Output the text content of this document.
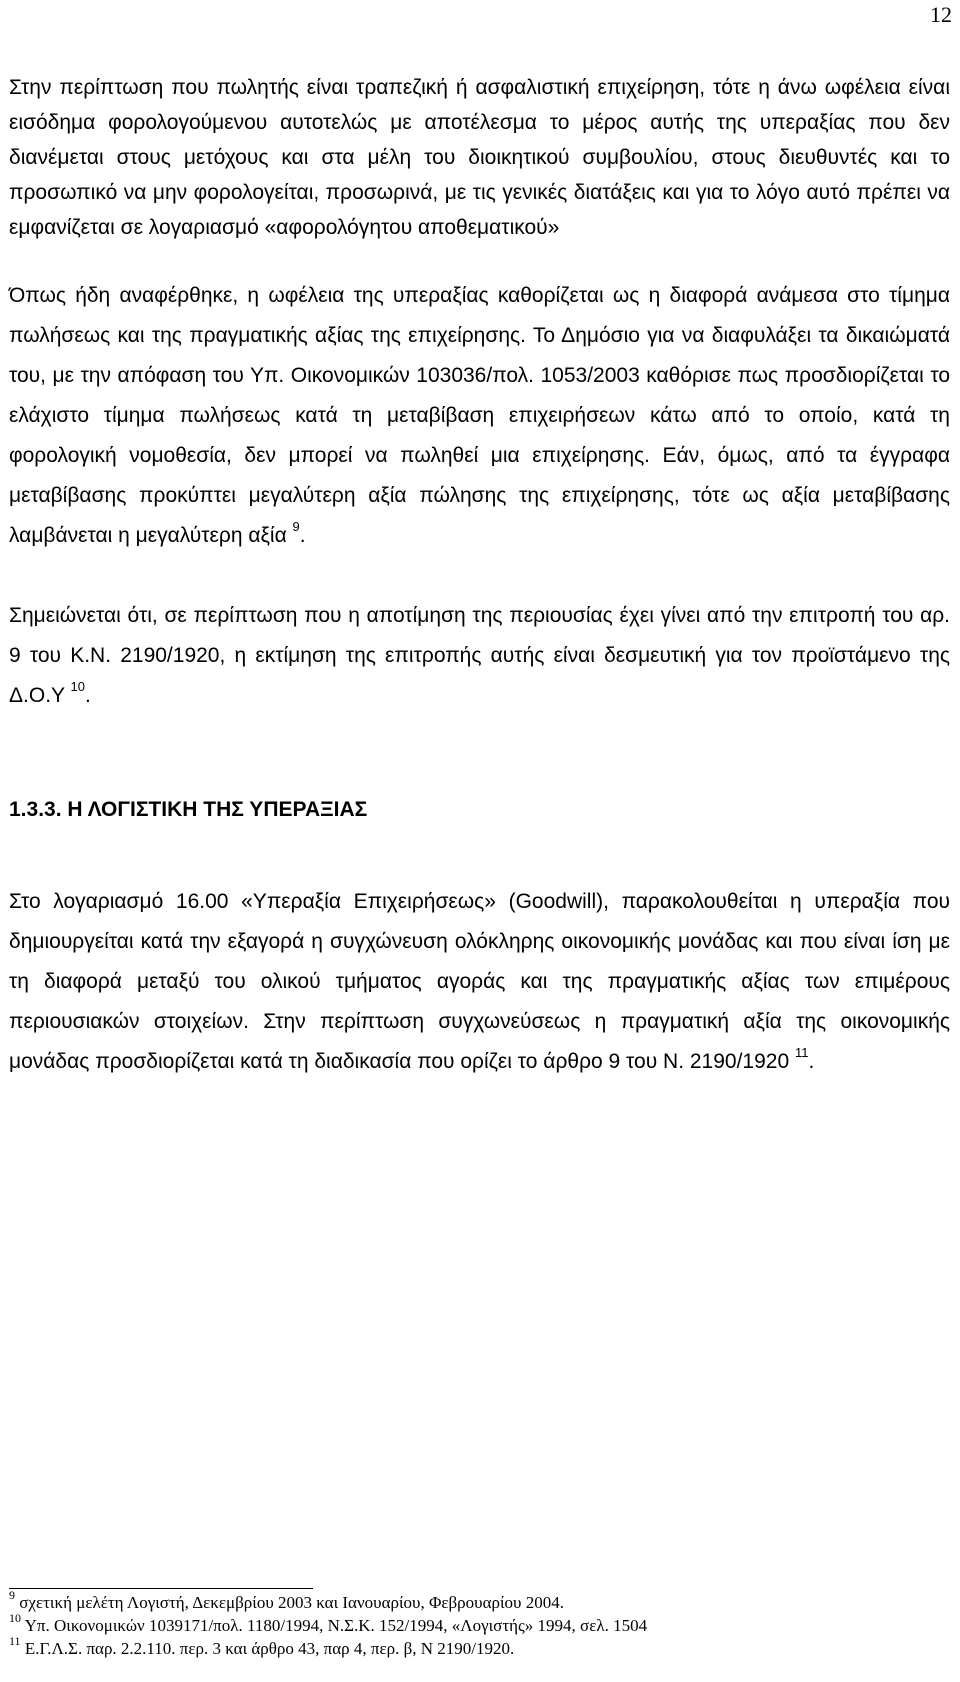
12

Στην περίπτωση που πωλητής είναι τραπεζική ή ασφαλιστική επιχείρηση, τότε η άνω ωφέλεια είναι εισόδημα φορολογούμενου αυτοτελώς με αποτέλεσμα το μέρος αυτής της υπεραξίας που δεν διανέμεται στους μετόχους και στα μέλη του διοικητικού συμβουλίου, στους διευθυντές και το προσωπικό να μην φορολογείται, προσωρινά, με τις γενικές διατάξεις και για το λόγο αυτό πρέπει να εμφανίζεται σε λογαριασμό «αφορολόγητου αποθεματικού»

Όπως ήδη αναφέρθηκε, η ωφέλεια της υπεραξίας καθορίζεται ως η διαφορά ανάμεσα στο τίμημα πωλήσεως και της πραγματικής αξίας της επιχείρησης. Το Δημόσιο για να διαφυλάξει τα δικαιώματά του, με την απόφαση του Υπ. Οικονομικών 103036/πολ. 1053/2003 καθόρισε πως προσδιορίζεται το ελάχιστο τίμημα πωλήσεως κατά τη μεταβίβαση επιχειρήσεων κάτω από το οποίο, κατά τη φορολογική νομοθεσία, δεν μπορεί να πωληθεί μια επιχείρησης. Εάν, όμως, από τα έγγραφα μεταβίβασης προκύπτει μεγαλύτερη αξία πώλησης της επιχείρησης, τότε ως αξία μεταβίβασης λαμβάνεται η μεγαλύτερη αξία $^9$.

Σημειώνεται ότι, σε περίπτωση που η αποτίμηση της περιουσίας έχει γίνει από την επιτροπή του αρ. 9 του Κ.Ν. 2190/1920, η εκτίμηση της επιτροπής αυτής είναι δεσμευτική για τον προϊστάμενο της Δ.Ο.Υ $^{10}$.

1.3.3. Η ΛΟΓΙΣΤΙΚΗ ΤΗΣ ΥΠΕΡΑΞΙΑΣ

Στο λογαριασμό 16.00 «Υπεραξία Επιχειρήσεως» (Goodwill), παρακολουθείται η υπεραξία που δημιουργείται κατά την εξαγορά η συγχώνευση ολόκληρης οικονομικής μονάδας και που είναι ίση με τη διαφορά μεταξύ του ολικού τμήματος αγοράς και της πραγματικής αξίας των επιμέρους περιουσιακών στοιχείων. Στην περίπτωση συγχωνεύσεως η πραγματική αξία της οικονομικής μονάδας προσδιορίζεται κατά τη διαδικασία που ορίζει το άρθρο 9 του Ν. 2190/1920 $^{11}$.

$^9$ σχετική μελέτη Λογιστή, Δεκεμβρίου 2003 και Ιανουαρίου, Φεβρουαρίου 2004.

$^{10}$ Υπ. Οικονομικών 1039171/πολ. 1180/1994, Ν.Σ.Κ. 152/1994, «Λογιστής» 1994, σελ. 1504

$^{11}$ Ε.Γ.Λ.Σ. παρ. 2.2.110. περ. 3 και άρθρο 43, παρ 4, περ. β, Ν 2190/1920.
